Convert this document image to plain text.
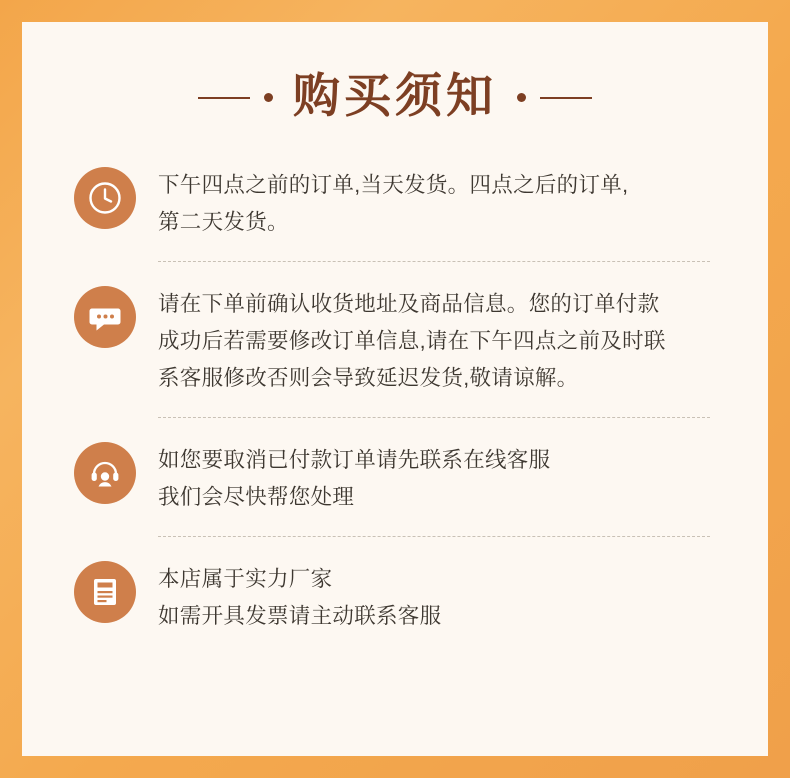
购买须知
下午四点之前的订单,当天发货。四点之后的订单,
第二天发货。
请在下单前确认收货地址及商品信息。您的订单付款
成功后若需要修改订单信息,请在下午四点之前及时联
系客服修改否则会导致延迟发货,敬请谅解。
如您要取消已付款订单请先联系在线客服
我们会尽快帮您处理
本店属于实力厂家
如需开具发票请主动联系客服
